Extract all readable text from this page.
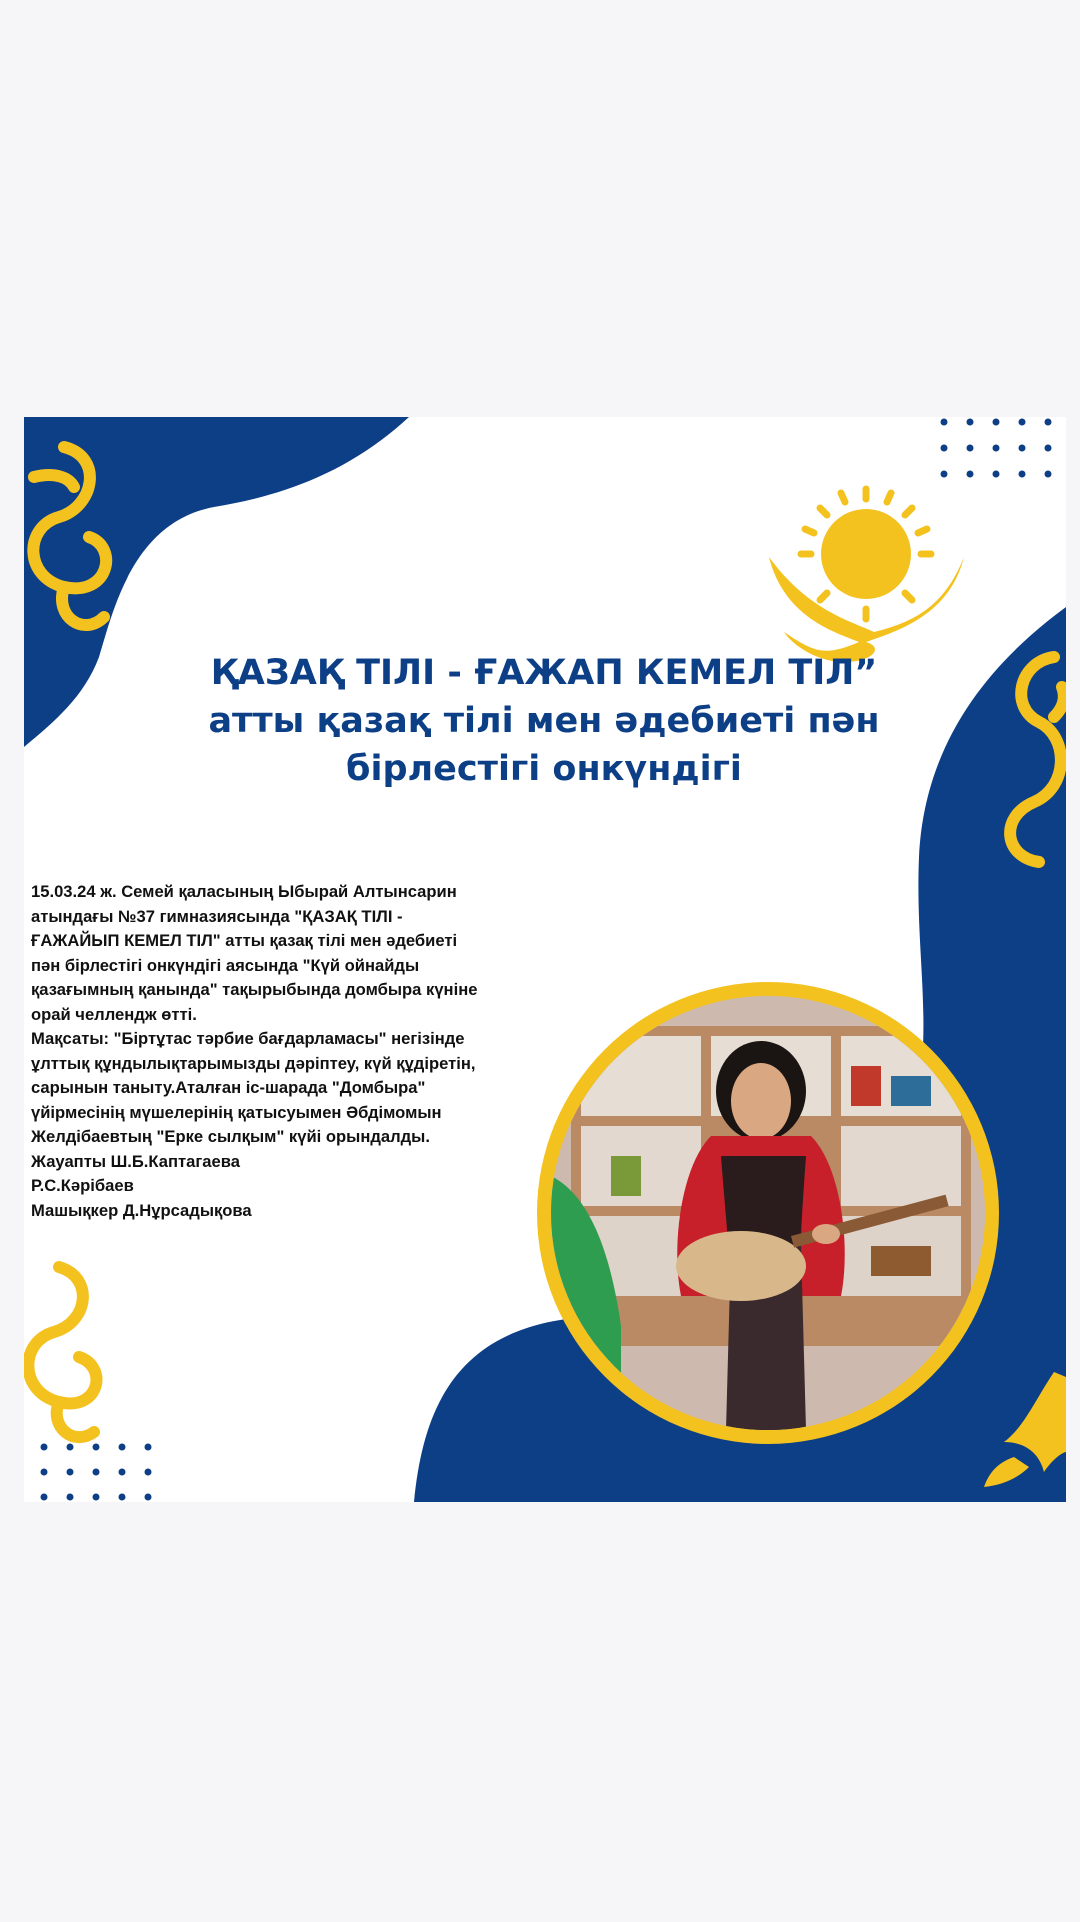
ҚАЗАҚ ТІЛІ - ҒАЖАП КЕМЕЛ ТІЛ”
атты қазақ тілі мен әдебиеті пән
бірлестігі онкүндігі

15.03.24 ж. Семей қаласының Ыбырай Алтынсарин
атындағы №37 гимназиясында "ҚАЗАҚ ТІЛІ -
ҒАЖАЙЫП КЕМЕЛ ТІЛ" атты қазақ тілі мен әдебиеті
пән бірлестігі онкүндігі аясында "Күй ойнайды
қазағымның қанында" тақырыбында домбыра күніне
орай челлендж өтті.
Мақсаты: "Біртұтас тәрбие бағдарламасы" негізінде
ұлттық құндылықтарымызды дәріптеу, күй құдіретін,
сарынын таныту.Аталған іс-шарада "Домбыра"
үйірмесінің мүшелерінің қатысуымен Әбдімомын
Желдібаевтың "Ерке сылқым" күйі орындалды.
Жауапты Ш.Б.Каптагаева
Р.С.Кәрібаев
Машықкер Д.Нұрсадықова
